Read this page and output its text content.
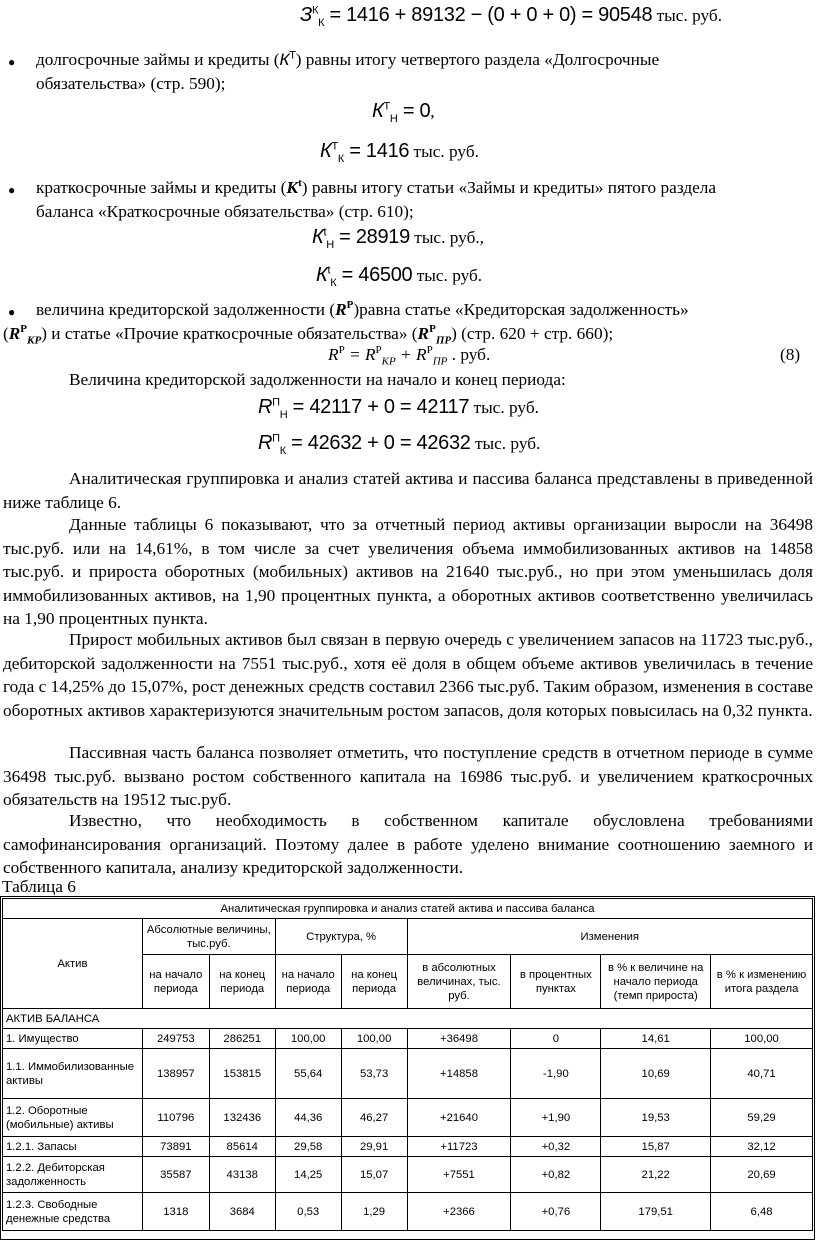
$З^К_К = 1416 + 89132 - (0 + 0 + 0) = 90548$ тыс. руб.
● долгосрочные займы и кредиты $(К^Т)$ равны итогу четвертого раздела «Долгосрочные
обязательства» (стр. 590);
$К^Т_Н = 0$,
$К^Т_К = 1416$ тыс. руб.
● краткосрочные займы и кредиты $(К^t)$ равны итогу статьи «Займы и кредиты» пятого раздела
баланса «Краткосрочные обязательства» (стр. 610);
$К^t_Н = 28919$ тыс. руб.,
$К^t_К = 46500$ тыс. руб.
● величина кредиторской задолженности $(R^P)равна$ статье «Кредиторская задолженность»
$(R^P_{КР})$ и статье «Прочие краткосрочные обязательства» $(R^P_{ПР})$ (стр. 620 + стр. 660);
$R^P = R^P_{КР} + R^P_{ПР}$ . руб.	(8)
Величина кредиторской задолженности на начало и конец периода:
$R^П_Н = 42117 + 0 = 42117$ тыс. руб.
$R^П_К = 42632 + 0 = 42632$ тыс. руб.
Аналитическая группировка и анализ статей актива и пассива баланса представлены в приведенной ниже таблице 6.
Данные таблицы 6 показывают, что за отчетный период активы организации выросли на 36498 тыс.руб. или на 14,61%, в том числе за счет увеличения объема иммобилизованных активов на 14858 тыс.руб. и прироста оборотных (мобильных) активов на 21640 тыс.руб., но при этом уменьшилась доля иммобилизованных активов, на 1,90 процентных пункта, а оборотных активов соответственно увеличилась на 1,90 процентных пункта.
Прирост мобильных активов был связан в первую очередь с увеличением запасов на 11723 тыс.руб., дебиторской задолженности на 7551 тыс.руб., хотя её доля в общем объеме активов увеличилась в течение года с 14,25% до 15,07%, рост денежных средств составил 2366 тыс.руб. Таким образом, изменения в составе оборотных активов характеризуются значительным ростом запасов, доля которых повысилась на 0,32 пункта.
Пассивная часть баланса позволяет отметить, что поступление средств в отчетном периоде в сумме 36498 тыс.руб. вызвано ростом собственного капитала на 16986 тыс.руб. и увеличением краткосрочных обязательств на 19512 тыс.руб.
Известно, что необходимость в собственном капитале обусловлена требованиями самофинансирования организаций. Поэтому далее в работе уделено внимание соотношению заемного и собственного капитала, анализу кредиторской задолженности.
Таблица 6
Аналитическая группировка и анализ статей актива и пассива баланса								
Актив	Абсолютные величины, тыс.руб.		Структура, %		Изменения			
	на начало периода	на конец периода	на начало периода	на конец периода	в абсолютных величинах, тыс. руб.	в процентных пунктах	в % к величине на начало периода (темп прироста)	в % к изменению итога раздела
АКТИВ БАЛАНСА								
1. Имущество	249753	286251	100,00	100,00	+36498	0	14,61	100,00
1.1. Иммобилизованные активы	138957	153815	55,64	53,73	+14858	-1,90	10,69	40,71
1.2. Оборотные (мобильные) активы	110796	132436	44,36	46,27	+21640	+1,90	19,53	59,29
1.2.1. Запасы	73891	85614	29,58	29,91	+11723	+0,32	15,87	32,12
1.2.2. Дебиторская задолженность	35587	43138	14,25	15,07	+7551	+0,82	21,22	20,69
1.2.3. Свободные денежные средства	1318	3684	0,53	1,29	+2366	+0,76	179,51	6,48
